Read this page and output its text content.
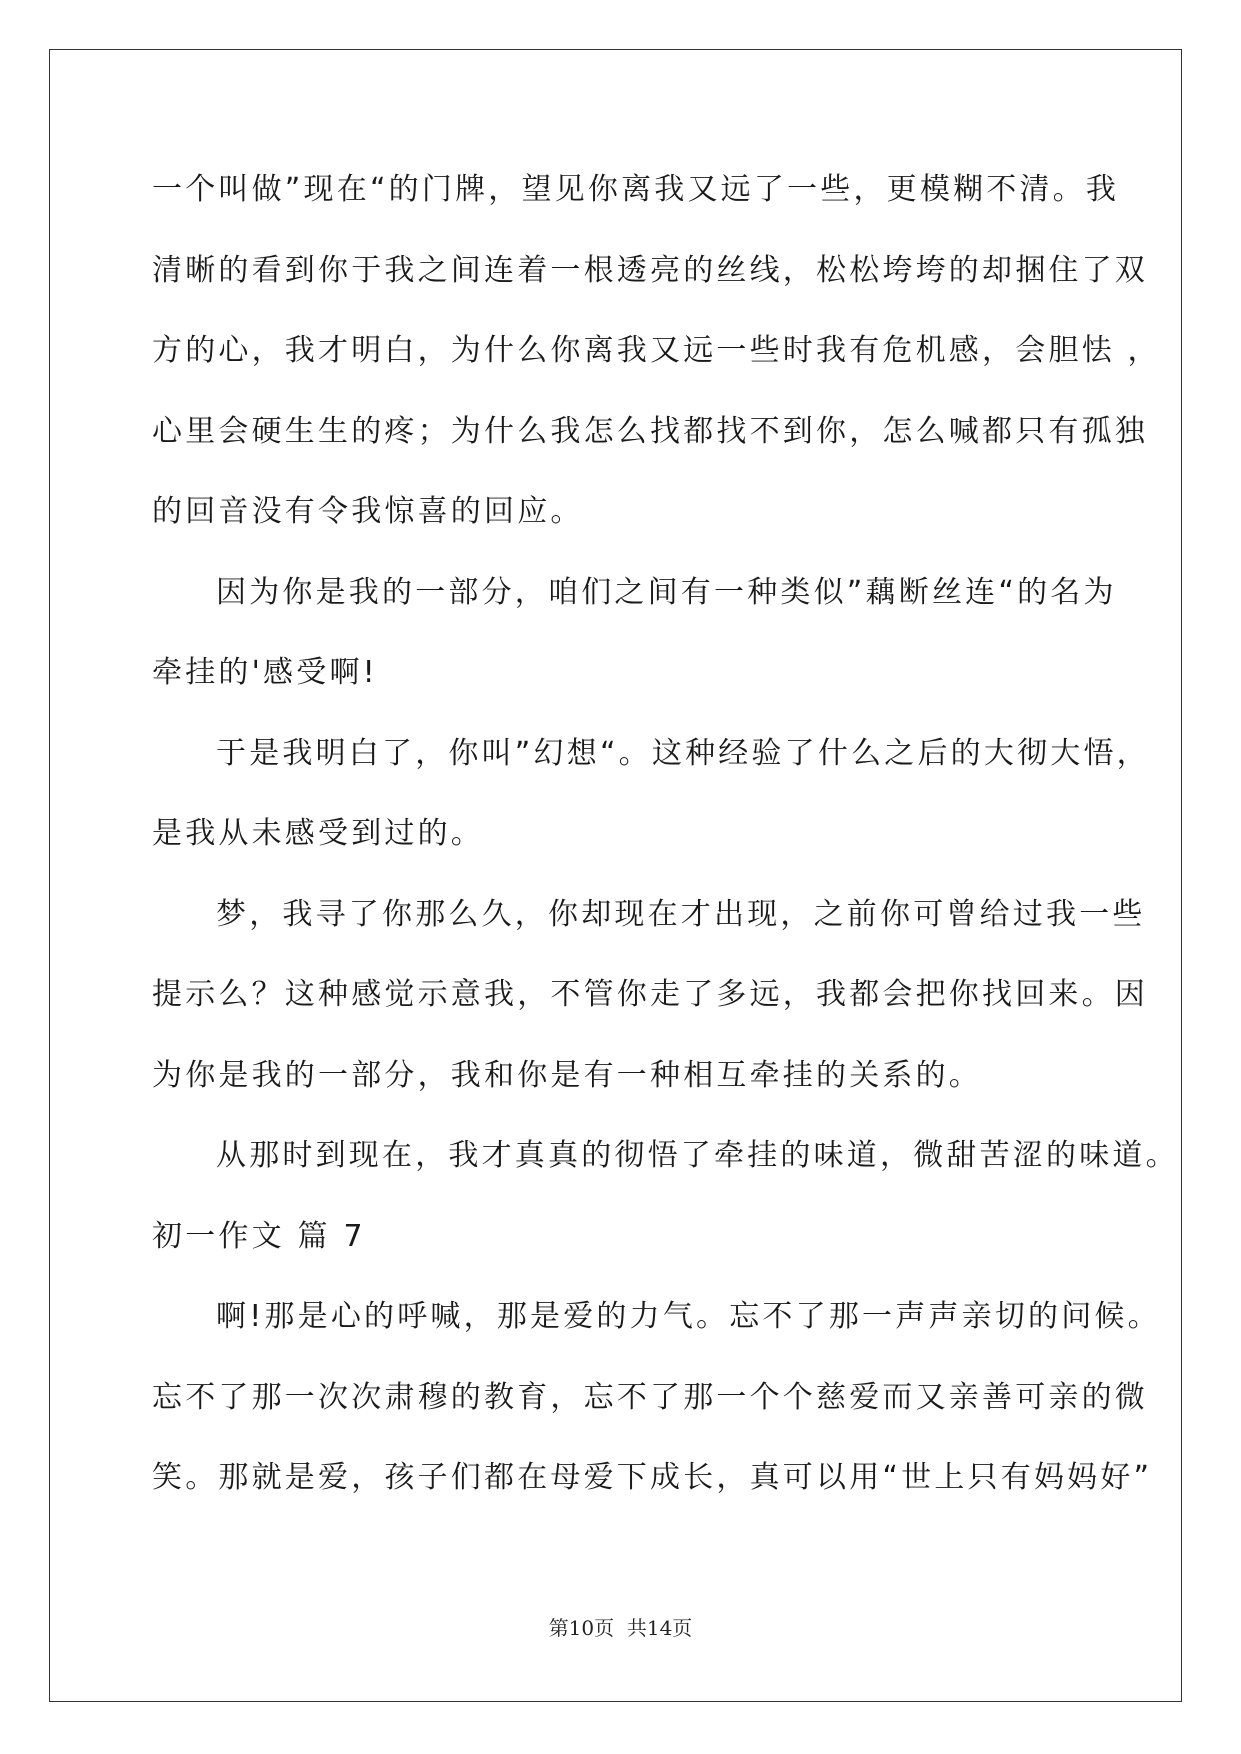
一个叫做”现在“的门牌，望见你离我又远了一些，更模糊不清。我
清晰的看到你于我之间连着一根透亮的丝线，松松垮垮的却捆住了双
方的心，我才明白，为什么你离我又远一些时我有危机感，会胆怯 ，
心里会硬生生的疼；为什么我怎么找都找不到你，怎么喊都只有孤独
的回音没有令我惊喜的回应。
因为你是我的一部分，咱们之间有一种类似”藕断丝连“的名为
牵挂的'感受啊!
于是我明白了，你叫”幻想“。这种经验了什么之后的大彻大悟，
是我从未感受到过的。
梦，我寻了你那么久，你却现在才出现，之前你可曾给过我一些
提示么？这种感觉示意我，不管你走了多远，我都会把你找回来。因
为你是我的一部分，我和你是有一种相互牵挂的关系的。
从那时到现在，我才真真的彻悟了牵挂的味道，微甜苦涩的味道。
初一作文 篇 7
啊!那是心的呼喊，那是爱的力气。忘不了那一声声亲切的问候。
忘不了那一次次肃穆的教育，忘不了那一个个慈爱而又亲善可亲的微
笑。那就是爱，孩子们都在母爱下成长，真可以用“世上只有妈妈好”
第10页  共14页
